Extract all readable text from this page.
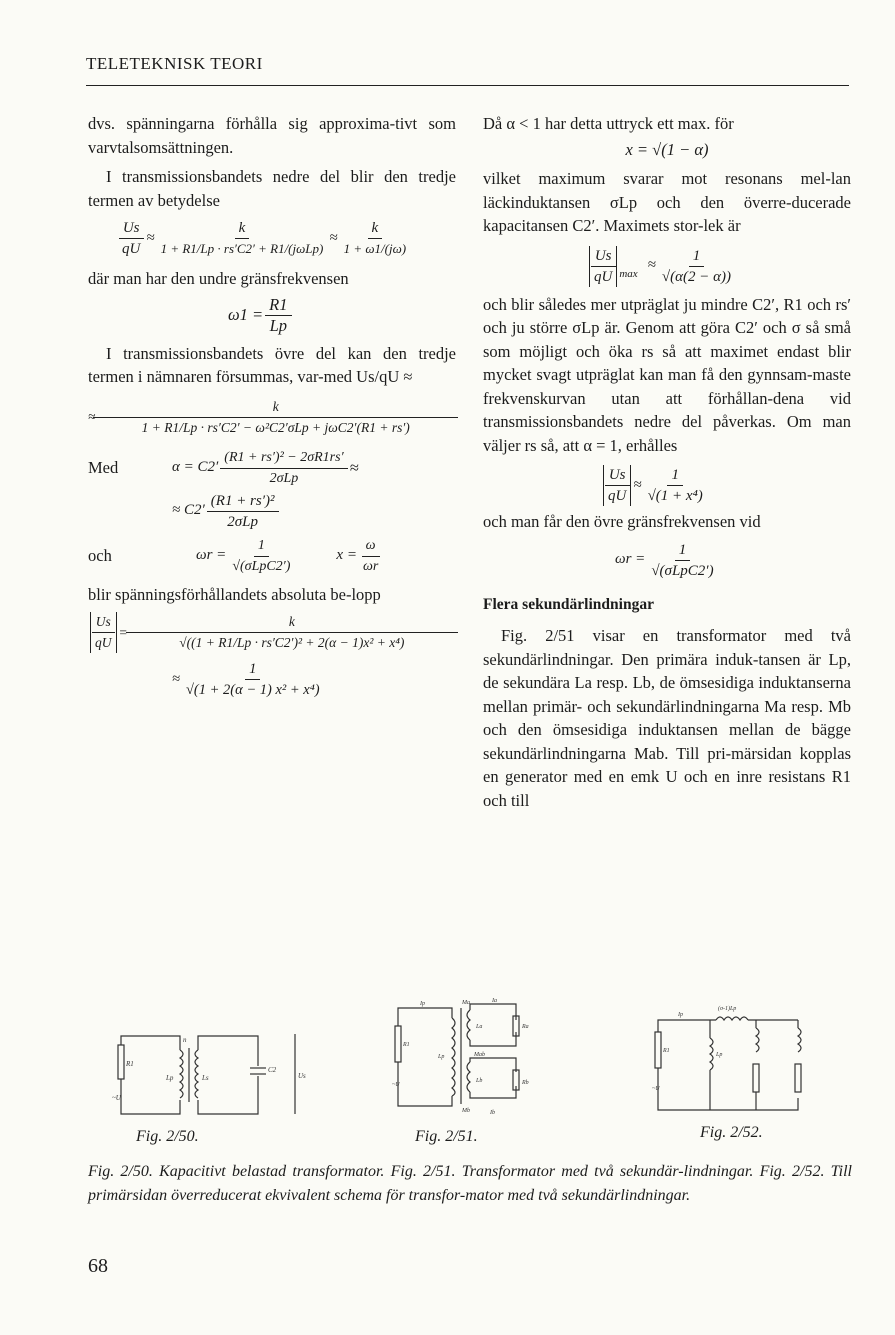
TELETEKNISK TEORI

dvs. spänningarna förhålla sig approxima-tivt som varvtalsomsättningen.

I transmissionsbandets nedre del blir den tredje termen av betydelse

$\frac{Us}{qU} \approx \frac{k}{\text{1 + R1/Lp · rs′C2′ + R1/(jωLp)}} \approx \frac{k}{1 + \omega 1/(j\omega)}$

där man har den undre gränsfrekvensen

$\omega 1 = \frac{R1}{Lp}$

I transmissionsbandets övre del kan den tredje termen i nämnaren försummas, var-med Us/qU ≈

≈ $\frac{k}{\text{1 + R1/Lp · rs′C2′ − ω²C2′σLp + jωC2′(R1 + rs′)}}$
Med	$\alpha = C2' \frac{\text{(R1 + rs′)² − 2σR1rs′}}{\text{2σLp}}$ ≈
≈ $C2' \frac{\text{(R1 + rs′)²}}{\text{2σLp}}$
och	$\omega r = \frac{1}{\text{√(σLpC2′)}}$	$x = \frac{\omega}{\omega r}$

blir spänningsförhållandets absoluta be-lopp

$\frac{Us}{qU} = \frac{k}{\text{√((1 + R1/Lp · rs′C2′)² + 2(α − 1)x² + x⁴)}}$
≈ $\frac{1}{\text{√(1 + 2(α − 1) x² + x⁴)}}$

Då α < 1 har detta uttryck ett max. för

x = √(1 − α)

vilket maximum svarar mot resonans mel-lan läckinduktansen σLp och den överre-ducerade kapacitansen C2′. Maximets stor-lek är

$\frac{Us}{qU}$ max
≈ $\frac{1}{√(\alpha(2 - \alpha))}$

och blir således mer utpräglat ju mindre C2′, R1 och rs′ och ju större σLp är. Genom att göra C2′ och σ så små som möjligt och öka rs så att maximet endast blir mycket svagt utpräglat kan man få den gynnsam-maste frekvenskurvan utan att förhållan-dena vid transmissionsbandets nedre del påverkas. Om man väljer rs så, att α = 1, erhålles

$\frac{Us}{qU} \approx \frac{1}{\text{√(1 + x⁴)}}$

och man får den övre gränsfrekvensen vid

$\omega r = \frac{1}{\text{√(σLpC2′)}}$
Flera sekundärlindningar

Fig. 2/51 visar en transformator med två sekundärlindningar. Den primära induk-tansen är Lp, de sekundära La resp. Lb, de ömsesidiga induktanserna mellan primär- och sekundärlindningarna Ma resp. Mb och den ömsesidiga induktansen mellan de bägge sekundärlindningarna Mab. Till pri-märsidan kopplas en generator med en emk U och en inre resistans R1 och till

R1
~U
Lp	Ls
n
C2
Us
R1
~U
Ip	Ma	Ia
La	Ra
Lp	Mab
Lb	Rb
Mb	Ib
(σ-1)Lp
Ip
R1
~U
Lp
Fig. 2/50.	Fig. 2/51.	Fig. 2/52.
Fig. 2/50. Kapacitivt belastad transformator. Fig. 2/51. Transformator med två sekundär-lindningar. Fig. 2/52. Till primärsidan överreducerat ekvivalent schema för transfor-mator med två sekundärlindningar.
68
